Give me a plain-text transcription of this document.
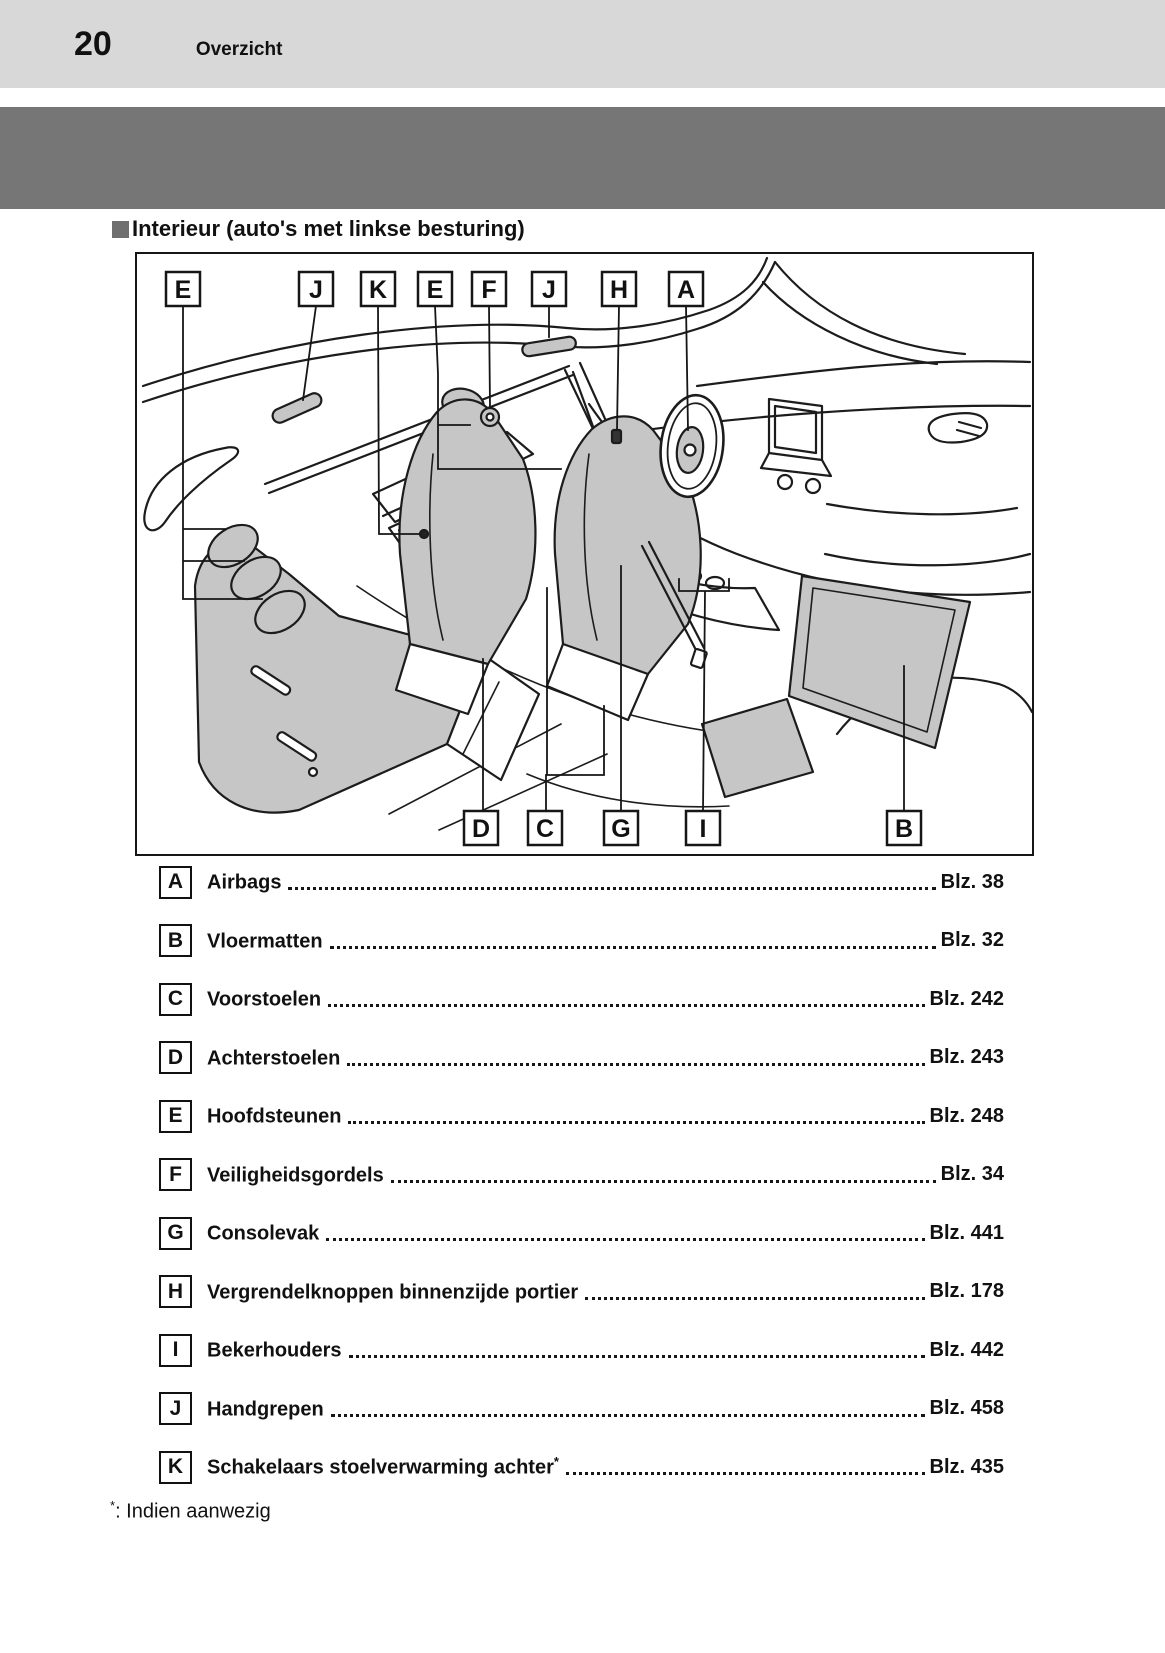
20	Overzicht
Interieur (auto's met linkse besturing)
E	J K E F J H A
D C G	I	B
A	Airbags	Blz. 38
B	Vloermatten	Blz. 32
C	Voorstoelen	Blz. 242
D	Achterstoelen	Blz. 243
E	Hoofdsteunen	Blz. 248
F	Veiligheidsgordels	Blz. 34
G	Consolevak	Blz. 441
H	Vergrendelknoppen binnenzijde portier	Blz. 178
I	Bekerhouders	Blz. 442
J	Handgrepen	Blz. 458
K	Schakelaars stoelverwarming achter*	Blz. 435
*: Indien aanwezig
